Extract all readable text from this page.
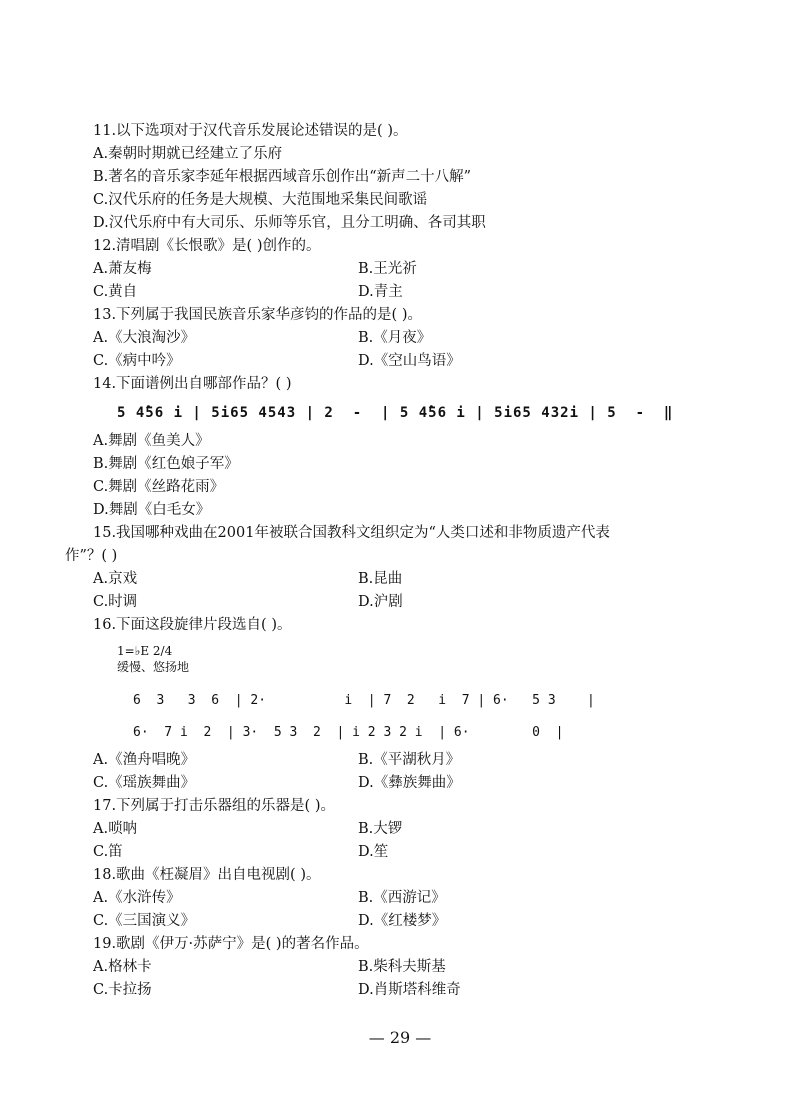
11.以下选项对于汉代音乐发展论述错误的是( )。
A.秦朝时期就已经建立了乐府
B.著名的音乐家李延年根据西域音乐创作出“新声二十八解”
C.汉代乐府的任务是大规模、大范围地采集民间歌谣
D.汉代乐府中有大司乐、乐师等乐官，且分工明确、各司其职
12.清唱剧《长恨歌》是( )创作的。
A.萧友梅	B.王光祈
C.黄自	D.青主
13.下列属于我国民族音乐家华彦钧的作品的是( )。
A.《大浪淘沙》	B.《月夜》
C.《病中吟》	D.《空山鸟语》
14.下面谱例出自哪部作品？( )
5 4̂56 i | 5i65 4543 | 2  -  | 5 4̂56 i | 5i65 432i | 5  -  ‖
A.舞剧《鱼美人》
B.舞剧《红色娘子军》
C.舞剧《丝路花雨》
D.舞剧《白毛女》
15.我国哪种戏曲在2001年被联合国教科文组织定为“人类口述和非物质遗产代表
作”？( )
A.京戏	B.昆曲
C.时调	D.沪剧
16.下面这段旋律片段选自( )。
1=♭E 2/4
缓慢、悠扬地
6  3   3  6  | 2·          i  | 7  2   i  7 | 6·   5 3    |
6·  7 i  2  | 3·  5 3  2  | i 2 3 2 i  | 6·        0  |
A.《渔舟唱晚》	B.《平湖秋月》
C.《瑶族舞曲》	D.《彝族舞曲》
17.下列属于打击乐器组的乐器是( )。
A.唢呐	B.大锣
C.笛	D.笙
18.歌曲《枉凝眉》出自电视剧( )。
A.《水浒传》	B.《西游记》
C.《三国演义》	D.《红楼梦》
19.歌剧《伊万·苏萨宁》是( )的著名作品。
A.格林卡	B.柴科夫斯基
C.卡拉扬	D.肖斯塔科维奇
— 29 —
